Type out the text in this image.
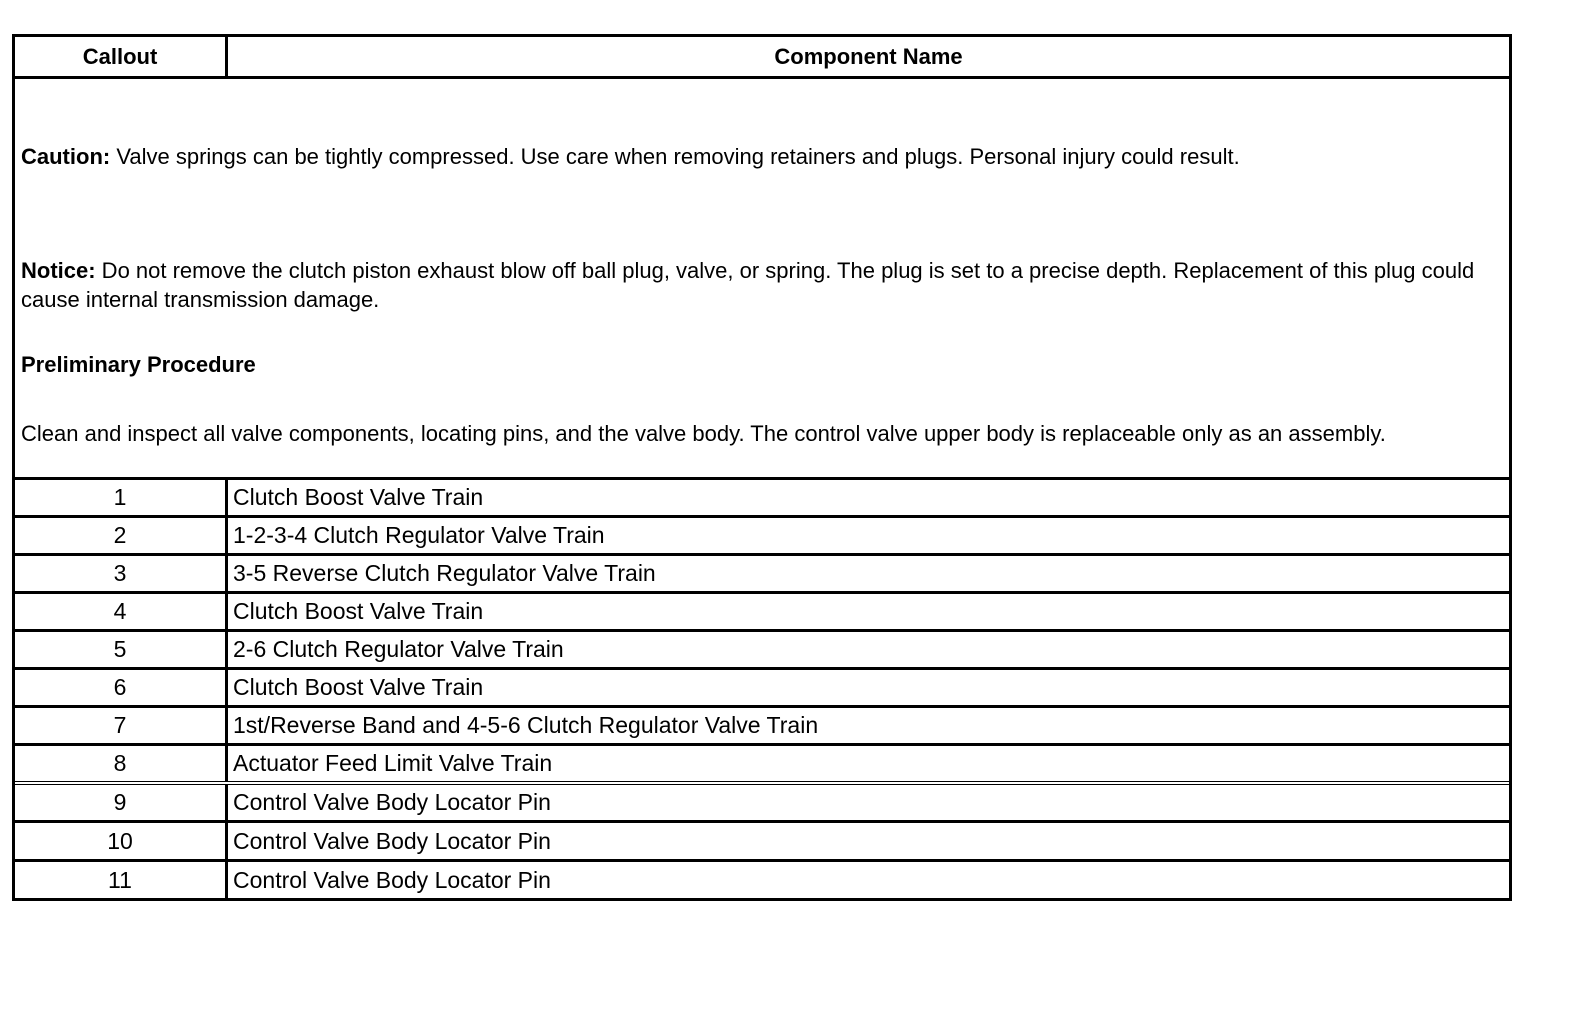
Callout	Component Name
Caution: Valve springs can be tightly compressed. Use care when removing retainers and plugs. Personal injury could result.
Notice: Do not remove the clutch piston exhaust blow off ball plug, valve, or spring. The plug is set to a precise depth. Replacement of this plug could cause internal transmission damage.
Preliminary Procedure
Clean and inspect all valve components, locating pins, and the valve body. The control valve upper body is replaceable only as an assembly.
1	Clutch Boost Valve Train
2	1-2-3-4 Clutch Regulator Valve Train
3	3-5 Reverse Clutch Regulator Valve Train
4	Clutch Boost Valve Train
5	2-6 Clutch Regulator Valve Train
6	Clutch Boost Valve Train
7	1st/Reverse Band and 4-5-6 Clutch Regulator Valve Train
8	Actuator Feed Limit Valve Train
9	Control Valve Body Locator Pin
10	Control Valve Body Locator Pin
11	Control Valve Body Locator Pin
